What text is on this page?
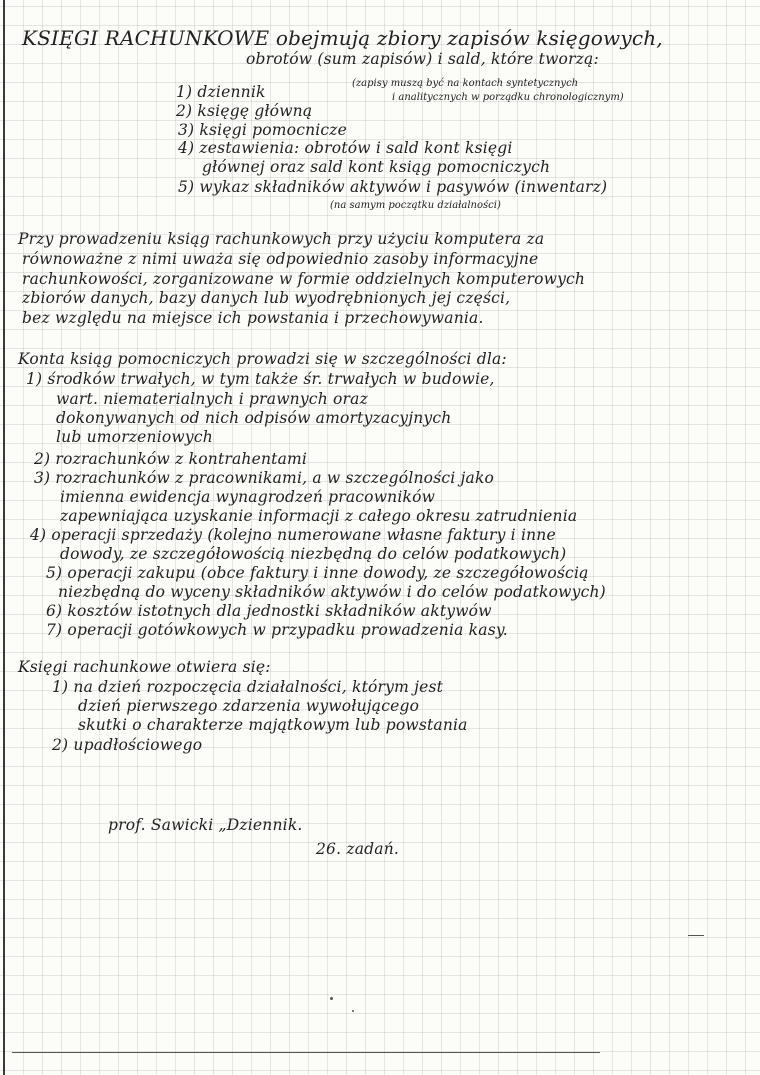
KSIĘGI RACHUNKOWE obejmują zbiory zapisów księgowych,
obrotów (sum zapisów) i sald, które tworzą:
1) dziennik	(zapisy muszą być na kontach syntetycznych
i analitycznych w porządku chronologicznym)
2) księgę główną
3) księgi pomocnicze
4) zestawienia: obrotów i sald kont księgi
głównej oraz sald kont ksiąg pomocniczych
5) wykaz składników aktywów i pasywów (inwentarz)
(na samym początku działalności)
Przy prowadzeniu ksiąg rachunkowych przy użyciu komputera za
równoważne z nimi uważa się odpowiednio zasoby informacyjne
rachunkowości, zorganizowane w formie oddzielnych komputerowych
zbiorów danych, bazy danych lub wyodrębnionych jej części,
bez względu na miejsce ich powstania i przechowywania.
Konta ksiąg pomocniczych prowadzi się w szczególności dla:
1) środków trwałych, w tym także śr. trwałych w budowie,
wart. niematerialnych i prawnych oraz
dokonywanych od nich odpisów amortyzacyjnych
lub umorzeniowych
2) rozrachunków z kontrahentami
3) rozrachunków z pracownikami, a w szczególności jako
imienna ewidencja wynagrodzeń pracowników
zapewniająca uzyskanie informacji z całego okresu zatrudnienia
4) operacji sprzedaży (kolejno numerowane własne faktury i inne
dowody, ze szczegółowością niezbędną do celów podatkowych)
5) operacji zakupu (obce faktury i inne dowody, ze szczegółowością
niezbędną do wyceny składników aktywów i do celów podatkowych)
6) kosztów istotnych dla jednostki składników aktywów
7) operacji gotówkowych w przypadku prowadzenia kasy.
Księgi rachunkowe otwiera się:
1) na dzień rozpoczęcia działalności, którym jest
dzień pierwszego zdarzenia wywołującego
skutki o charakterze majątkowym lub powstania
2) upadłościowego
prof. Sawicki „Dziennik.
26. zadań.
